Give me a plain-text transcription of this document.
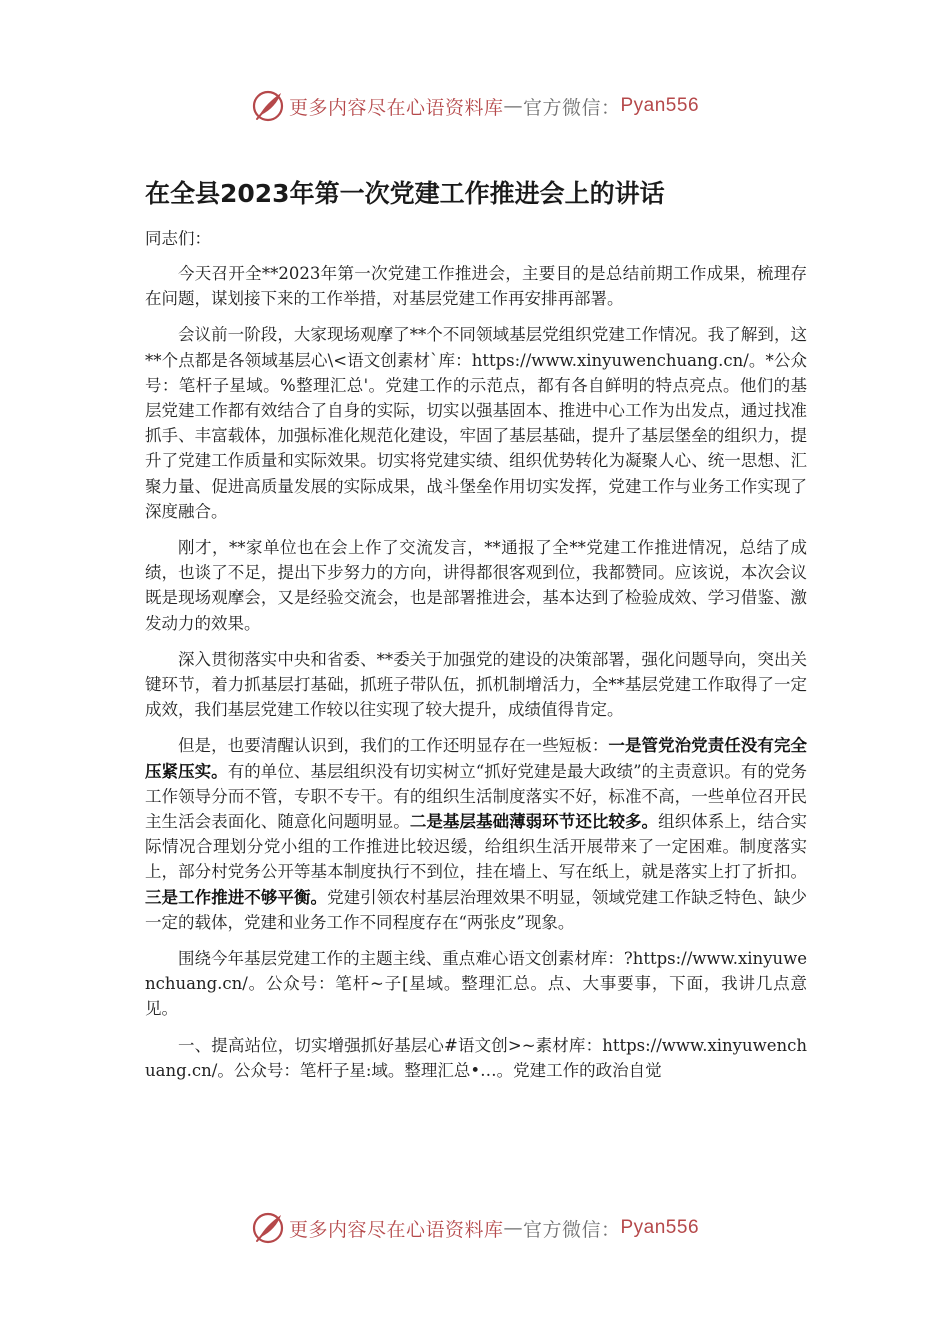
更多内容尽在心语资料库 — 官方微信： Pyan556
在全县2023年第一次党建工作推进会上的讲话

同志们：

今天召开全**2023年第一次党建工作推进会，主要目的是总结前期工作成果，梳理存在问题，谋划接下来的工作举措，对基层党建工作再安排再部署。

会议前一阶段，大家现场观摩了**个不同领域基层党组织党建工作情况。我了解到，这**个点都是各领域基层心\<语文创素材`库：https://www.xinyuwenchuang.cn/。*公众号：笔杆子星域。%整理汇总'。党建工作的示范点，都有各自鲜明的特点亮点。他们的基层党建工作都有效结合了自身的实际，切实以强基固本、推进中心工作为出发点，通过找准抓手、丰富载体，加强标准化规范化建设，牢固了基层基础，提升了基层堡垒的组织力，提升了党建工作质量和实际效果。切实将党建实绩、组织优势转化为凝聚人心、统一思想、汇聚力量、促进高质量发展的实际成果，战斗堡垒作用切实发挥，党建工作与业务工作实现了深度融合。

刚才，**家单位也在会上作了交流发言，**通报了全**党建工作推进情况，总结了成绩，也谈了不足，提出下步努力的方向，讲得都很客观到位，我都赞同。应该说，本次会议既是现场观摩会，又是经验交流会，也是部署推进会，基本达到了检验成效、学习借鉴、激发动力的效果。

深入贯彻落实中央和省委、**委关于加强党的建设的决策部署，强化问题导向，突出关键环节，着力抓基层打基础，抓班子带队伍，抓机制增活力，全**基层党建工作取得了一定成效，我们基层党建工作较以往实现了较大提升，成绩值得肯定。

但是，也要清醒认识到，我们的工作还明显存在一些短板：一是管党治党责任没有完全压紧压实。有的单位、基层组织没有切实树立“抓好党建是最大政绩”的主责意识。有的党务工作领导分而不管，专职不专干。有的组织生活制度落实不好，标准不高，一些单位召开民主生活会表面化、随意化问题明显。二是基层基础薄弱环节还比较多。组织体系上，结合实际情况合理划分党小组的工作推进比较迟缓，给组织生活开展带来了一定困难。制度落实上，部分村党务公开等基本制度执行不到位，挂在墙上、写在纸上，就是落实上打了折扣。三是工作推进不够平衡。党建引领农村基层治理效果不明显，领域党建工作缺乏特色、缺少一定的载体，党建和业务工作不同程度存在“两张皮”现象。

围绕今年基层党建工作的主题主线、重点难心语文创素材库：?https://www.xinyuwenchuang.cn/。公众号：笔杆~子[星域。整理汇总。点、大事要事，下面，我讲几点意见。

一、提高站位，切实增强抓好基层心#语文创>~素材库：https://www.xinyuwenchuang.cn/。公众号：笔杆子星:域。整理汇总•…。党建工作的政治自觉

更多内容尽在心语资料库 — 官方微信： Pyan556
